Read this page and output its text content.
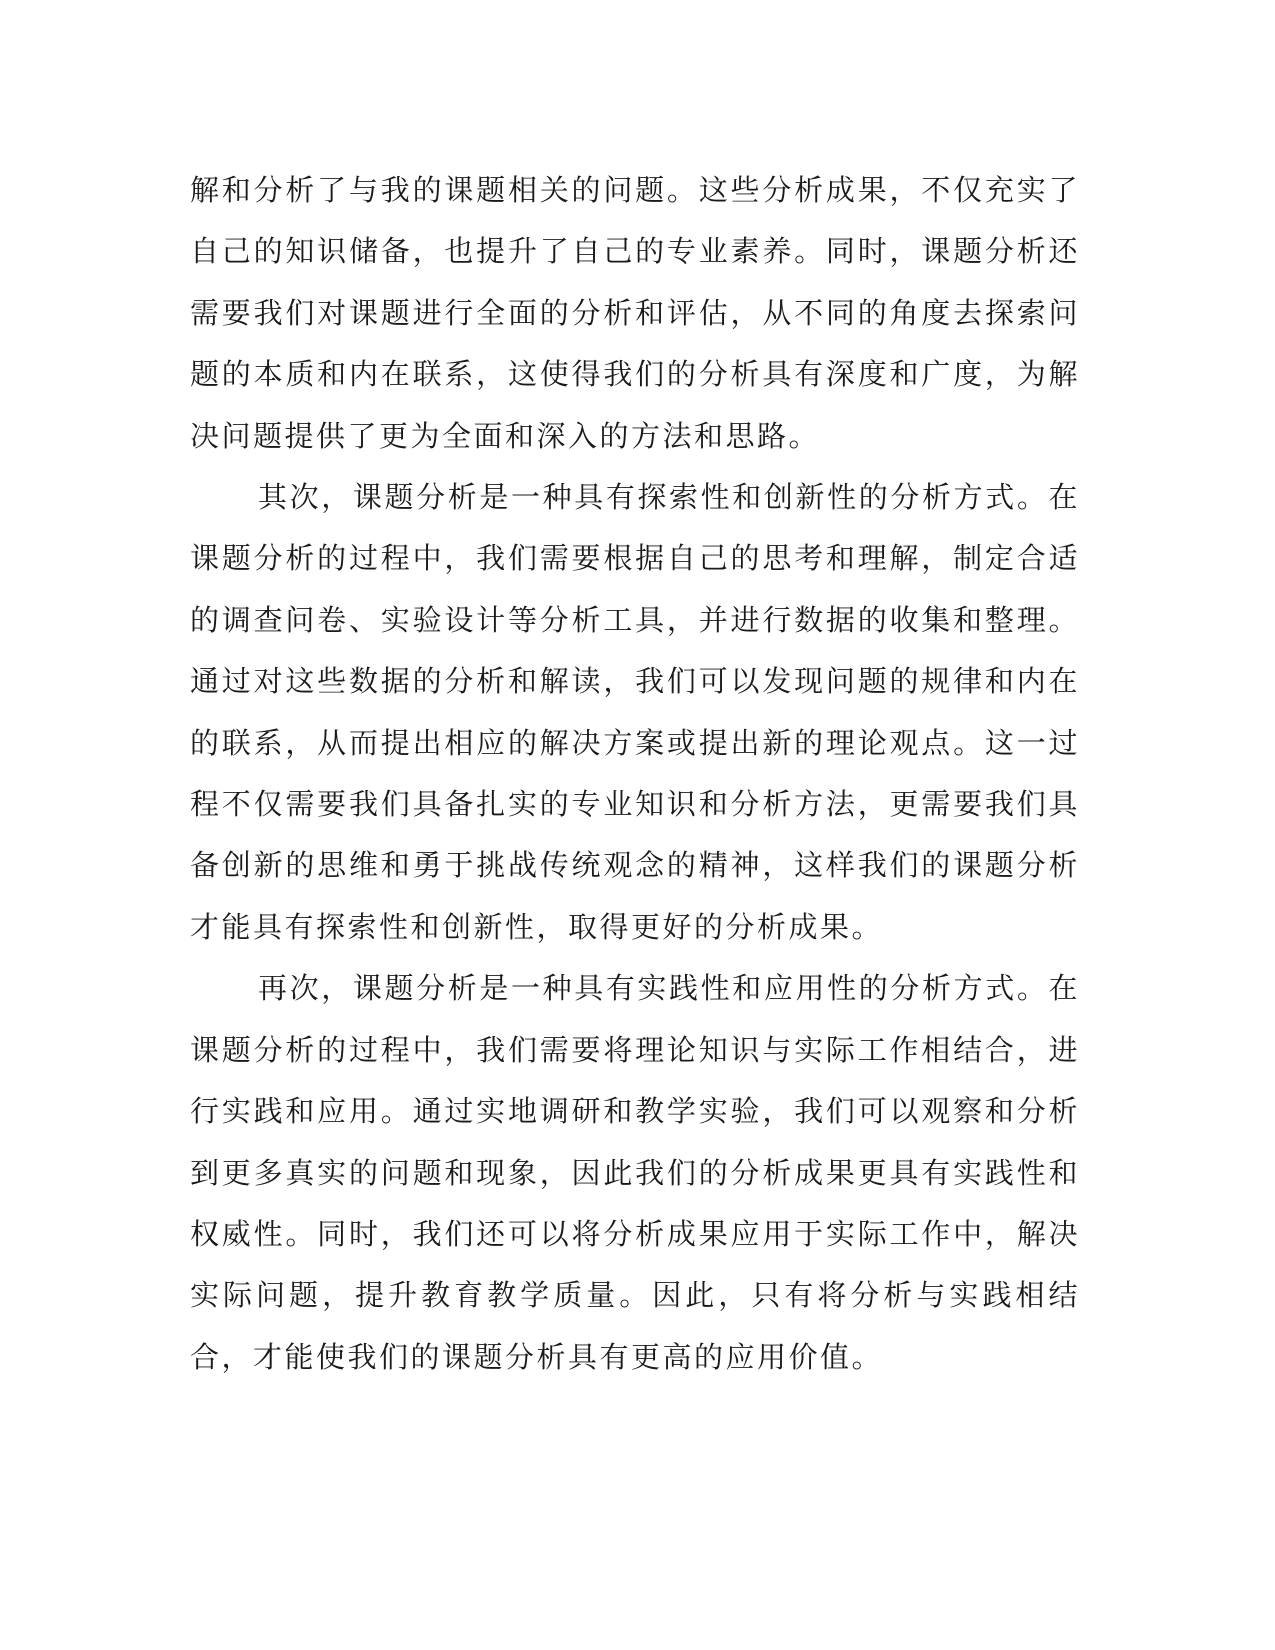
解和分析了与我的课题相关的问题。这些分析成果，不仅充实了自己的知识储备，也提升了自己的专业素养。同时，课题分析还需要我们对课题进行全面的分析和评估，从不同的角度去探索问题的本质和内在联系，这使得我们的分析具有深度和广度，为解决问题提供了更为全面和深入的方法和思路。

其次，课题分析是一种具有探索性和创新性的分析方式。在课题分析的过程中，我们需要根据自己的思考和理解，制定合适的调查问卷、实验设计等分析工具，并进行数据的收集和整理。通过对这些数据的分析和解读，我们可以发现问题的规律和内在的联系，从而提出相应的解决方案或提出新的理论观点。这一过程不仅需要我们具备扎实的专业知识和分析方法，更需要我们具备创新的思维和勇于挑战传统观念的精神，这样我们的课题分析才能具有探索性和创新性，取得更好的分析成果。

再次，课题分析是一种具有实践性和应用性的分析方式。在课题分析的过程中，我们需要将理论知识与实际工作相结合，进行实践和应用。通过实地调研和教学实验，我们可以观察和分析到更多真实的问题和现象，因此我们的分析成果更具有实践性和权威性。同时，我们还可以将分析成果应用于实际工作中，解决实际问题，提升教育教学质量。因此，只有将分析与实践相结合，才能使我们的课题分析具有更高的应用价值。
